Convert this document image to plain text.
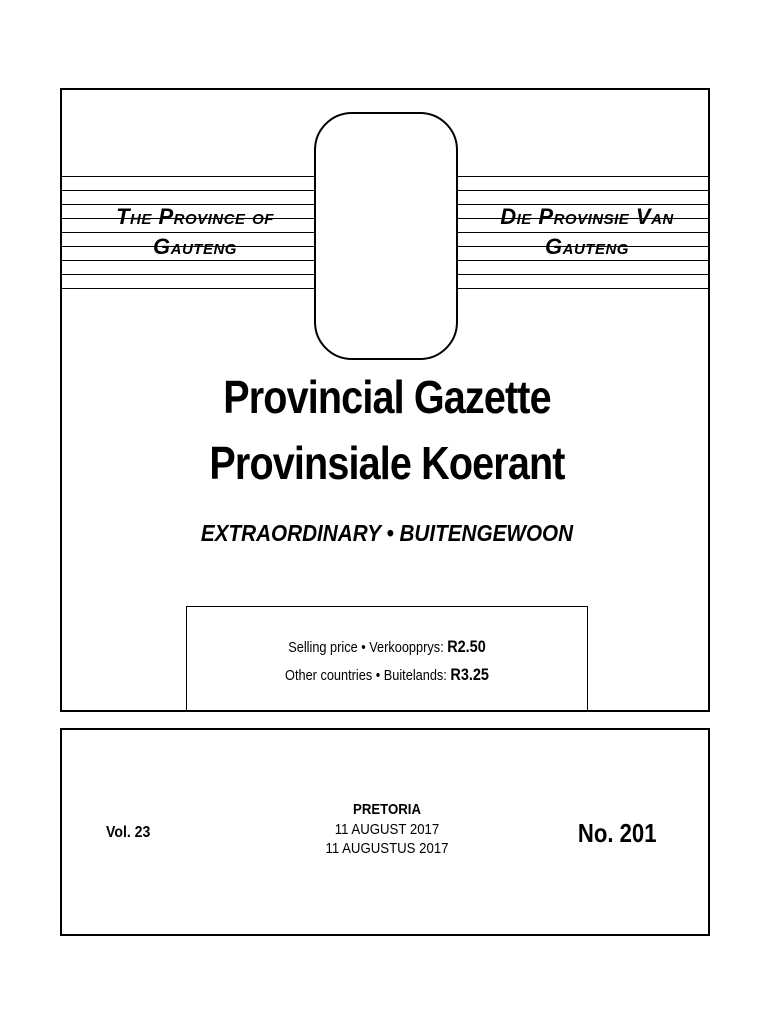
The Province of
Gauteng
Die Provinsie Van
Gauteng
Provincial Gazette
Provinsiale Koerant
EXTRAORDINARY • BUITENGEWOON
Selling price • Verkoopprys: R2.50
Other countries • Buitelands: R3.25
Vol. 23
PRETORIA
11 AUGUST 2017
11 AUGUSTUS 2017
No. 201
